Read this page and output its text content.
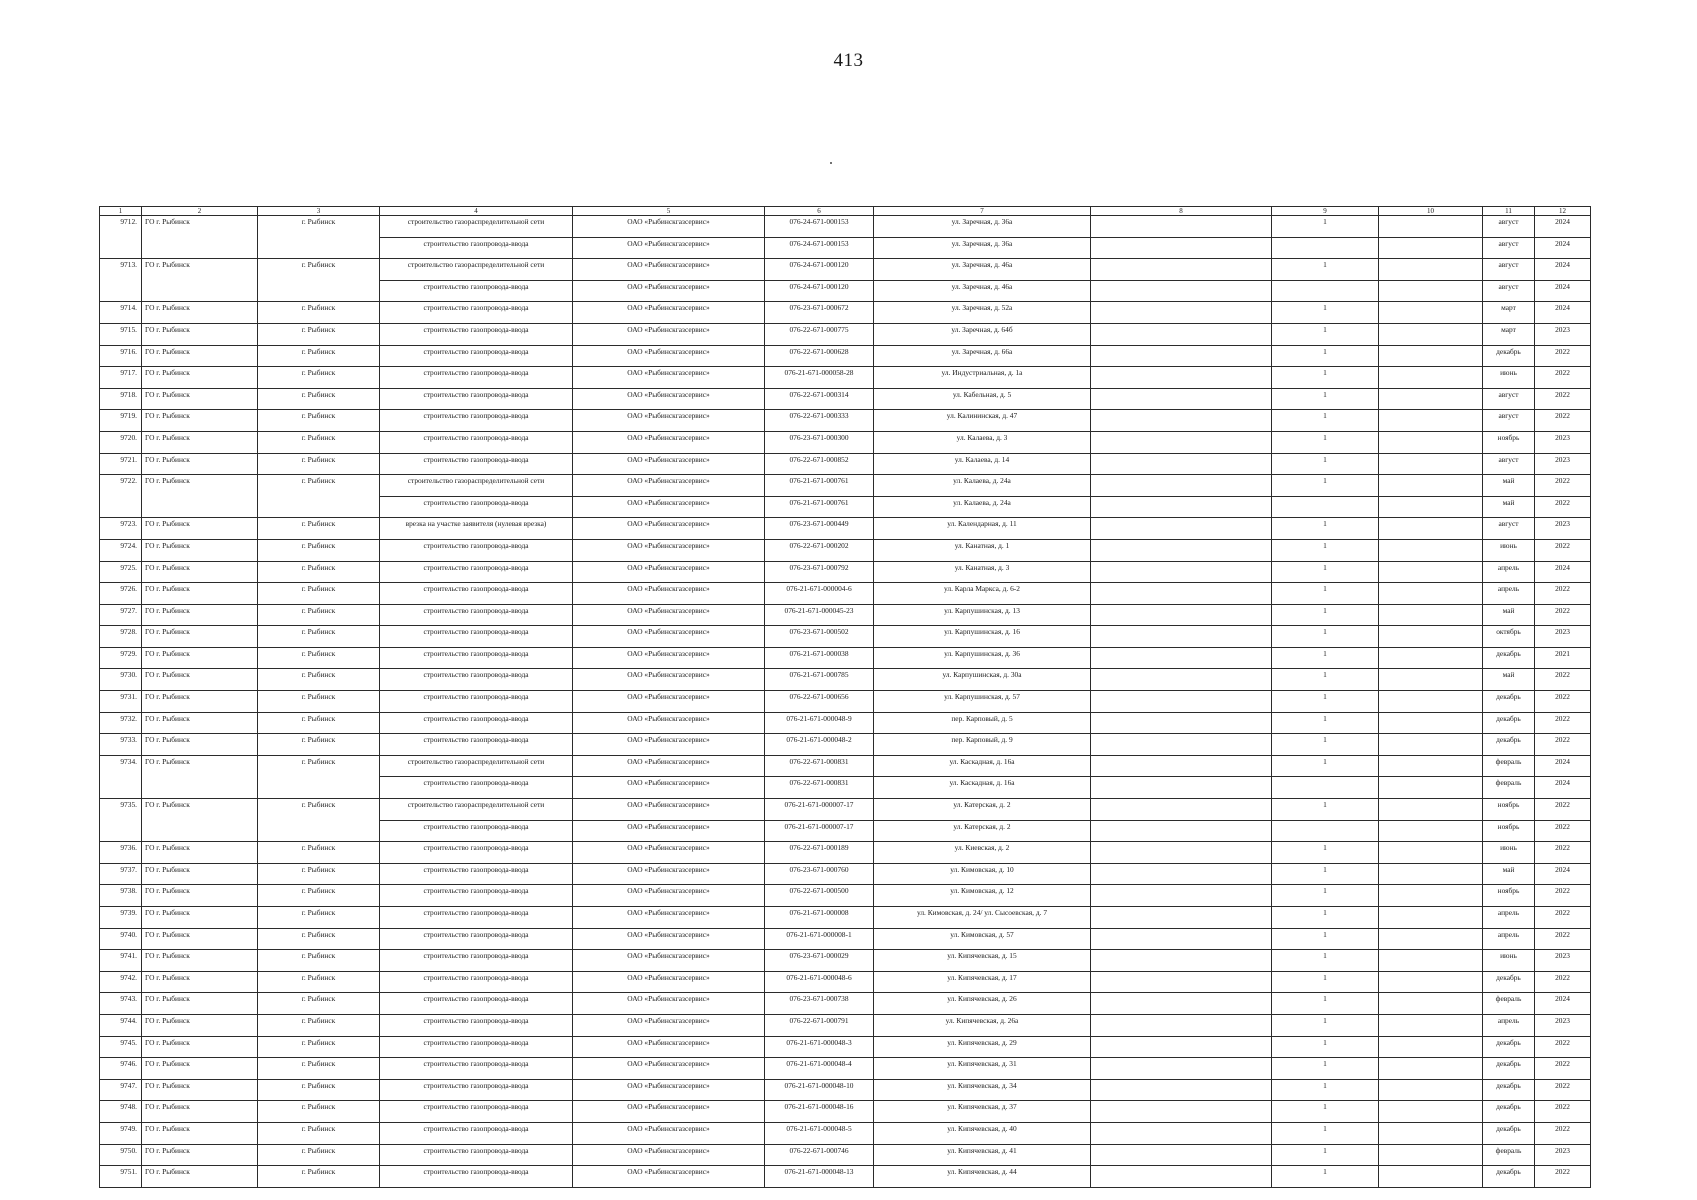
413
1	2	3	4	5	6	7	8	9	10	11	12
9712.	ГО г. Рыбинск	г. Рыбинск	строительство газораспределительной сети	ОАО «Рыбинскгазсервис»	076-24-671-000153	ул. Заречная, д. 36а		1		август	2024
			строительство газопровода-ввода	ОАО «Рыбинскгазсервис»	076-24-671-000153	ул. Заречная, д. 36а				август	2024
9713.	ГО г. Рыбинск	г. Рыбинск	строительство газораспределительной сети	ОАО «Рыбинскгазсервис»	076-24-671-000120	ул. Заречная, д. 46а		1		август	2024
			строительство газопровода-ввода	ОАО «Рыбинскгазсервис»	076-24-671-000120	ул. Заречная, д. 46а				август	2024
9714.	ГО г. Рыбинск	г. Рыбинск	строительство газопровода-ввода	ОАО «Рыбинскгазсервис»	076-23-671-000672	ул. Заречная, д. 52а		1		март	2024
9715.	ГО г. Рыбинск	г. Рыбинск	строительство газопровода-ввода	ОАО «Рыбинскгазсервис»	076-22-671-000775	ул. Заречная, д. 64б		1		март	2023
9716.	ГО г. Рыбинск	г. Рыбинск	строительство газопровода-ввода	ОАО «Рыбинскгазсервис»	076-22-671-000628	ул. Заречная, д. 66а		1		декабрь	2022
9717.	ГО г. Рыбинск	г. Рыбинск	строительство газопровода-ввода	ОАО «Рыбинскгазсервис»	076-21-671-000058-28	ул. Индустриальная, д. 1а		1		июнь	2022
9718.	ГО г. Рыбинск	г. Рыбинск	строительство газопровода-ввода	ОАО «Рыбинскгазсервис»	076-22-671-000314	ул. Кабельная, д. 5		1		август	2022
9719.	ГО г. Рыбинск	г. Рыбинск	строительство газопровода-ввода	ОАО «Рыбинскгазсервис»	076-22-671-000333	ул. Калининская, д. 47		1		август	2022
9720.	ГО г. Рыбинск	г. Рыбинск	строительство газопровода-ввода	ОАО «Рыбинскгазсервис»	076-23-671-000300	ул. Калаева, д. 3		1		ноябрь	2023
9721.	ГО г. Рыбинск	г. Рыбинск	строительство газопровода-ввода	ОАО «Рыбинскгазсервис»	076-22-671-000852	ул. Калаева, д. 14		1		август	2023
9722.	ГО г. Рыбинск	г. Рыбинск	строительство газораспределительной сети	ОАО «Рыбинскгазсервис»	076-21-671-000761	ул. Калаева, д. 24а		1		май	2022
			строительство газопровода-ввода	ОАО «Рыбинскгазсервис»	076-21-671-000761	ул. Калаева, д. 24а				май	2022
9723.	ГО г. Рыбинск	г. Рыбинск	врезка на участке заявителя (нулевая врезка)	ОАО «Рыбинскгазсервис»	076-23-671-000449	ул. Календарная, д. 11		1		август	2023
9724.	ГО г. Рыбинск	г. Рыбинск	строительство газопровода-ввода	ОАО «Рыбинскгазсервис»	076-22-671-000202	ул. Канатная, д. 1		1		июнь	2022
9725.	ГО г. Рыбинск	г. Рыбинск	строительство газопровода-ввода	ОАО «Рыбинскгазсервис»	076-23-671-000792	ул. Канатная, д. 3		1		апрель	2024
9726.	ГО г. Рыбинск	г. Рыбинск	строительство газопровода-ввода	ОАО «Рыбинскгазсервис»	076-21-671-000004-6	ул. Карла Маркса, д. 6-2		1		апрель	2022
9727.	ГО г. Рыбинск	г. Рыбинск	строительство газопровода-ввода	ОАО «Рыбинскгазсервис»	076-21-671-000045-23	ул. Карпушинская, д. 13		1		май	2022
9728.	ГО г. Рыбинск	г. Рыбинск	строительство газопровода-ввода	ОАО «Рыбинскгазсервис»	076-23-671-000502	ул. Карпушинская, д. 16		1		октябрь	2023
9729.	ГО г. Рыбинск	г. Рыбинск	строительство газопровода-ввода	ОАО «Рыбинскгазсервис»	076-21-671-000038	ул. Карпушинская, д. 36		1		декабрь	2021
9730.	ГО г. Рыбинск	г. Рыбинск	строительство газопровода-ввода	ОАО «Рыбинскгазсервис»	076-21-671-000785	ул. Карпушинская, д. 30а		1		май	2022
9731.	ГО г. Рыбинск	г. Рыбинск	строительство газопровода-ввода	ОАО «Рыбинскгазсервис»	076-22-671-000656	ул. Карпушинская, д. 57		1		декабрь	2022
9732.	ГО г. Рыбинск	г. Рыбинск	строительство газопровода-ввода	ОАО «Рыбинскгазсервис»	076-21-671-000048-9	пер. Карповый, д. 5		1		декабрь	2022
9733.	ГО г. Рыбинск	г. Рыбинск	строительство газопровода-ввода	ОАО «Рыбинскгазсервис»	076-21-671-000048-2	пер. Карповый, д. 9		1		декабрь	2022
9734.	ГО г. Рыбинск	г. Рыбинск	строительство газораспределительной сети	ОАО «Рыбинскгазсервис»	076-22-671-000831	ул. Каскадная, д. 16а		1		февраль	2024
			строительство газопровода-ввода	ОАО «Рыбинскгазсервис»	076-22-671-000831	ул. Каскадная, д. 16а				февраль	2024
9735.	ГО г. Рыбинск	г. Рыбинск	строительство газораспределительной сети	ОАО «Рыбинскгазсервис»	076-21-671-000007-17	ул. Катерская, д. 2		1		ноябрь	2022
			строительство газопровода-ввода	ОАО «Рыбинскгазсервис»	076-21-671-000007-17	ул. Катерская, д. 2				ноябрь	2022
9736.	ГО г. Рыбинск	г. Рыбинск	строительство газопровода-ввода	ОАО «Рыбинскгазсервис»	076-22-671-000189	ул. Киевская, д. 2		1		июнь	2022
9737.	ГО г. Рыбинск	г. Рыбинск	строительство газопровода-ввода	ОАО «Рыбинскгазсервис»	076-23-671-000760	ул. Кимовская, д. 10		1		май	2024
9738.	ГО г. Рыбинск	г. Рыбинск	строительство газопровода-ввода	ОАО «Рыбинскгазсервис»	076-22-671-000500	ул. Кимовская, д. 12		1		ноябрь	2022
9739.	ГО г. Рыбинск	г. Рыбинск	строительство газопровода-ввода	ОАО «Рыбинскгазсервис»	076-21-671-000008	ул. Кимовская, д. 24/ ул. Сысоевская, д. 7		1		апрель	2022
9740.	ГО г. Рыбинск	г. Рыбинск	строительство газопровода-ввода	ОАО «Рыбинскгазсервис»	076-21-671-000008-1	ул. Кимовская, д. 57		1		апрель	2022
9741.	ГО г. Рыбинск	г. Рыбинск	строительство газопровода-ввода	ОАО «Рыбинскгазсервис»	076-23-671-000029	ул. Кипячевская, д. 15		1		июнь	2023
9742.	ГО г. Рыбинск	г. Рыбинск	строительство газопровода-ввода	ОАО «Рыбинскгазсервис»	076-21-671-000048-6	ул. Кипячевская, д. 17		1		декабрь	2022
9743.	ГО г. Рыбинск	г. Рыбинск	строительство газопровода-ввода	ОАО «Рыбинскгазсервис»	076-23-671-000738	ул. Кипячевская, д. 26		1		февраль	2024
9744.	ГО г. Рыбинск	г. Рыбинск	строительство газопровода-ввода	ОАО «Рыбинскгазсервис»	076-22-671-000791	ул. Кипячевская, д. 26а		1		апрель	2023
9745.	ГО г. Рыбинск	г. Рыбинск	строительство газопровода-ввода	ОАО «Рыбинскгазсервис»	076-21-671-000048-3	ул. Кипячевская, д. 29		1		декабрь	2022
9746.	ГО г. Рыбинск	г. Рыбинск	строительство газопровода-ввода	ОАО «Рыбинскгазсервис»	076-21-671-000048-4	ул. Кипячевская, д. 31		1		декабрь	2022
9747.	ГО г. Рыбинск	г. Рыбинск	строительство газопровода-ввода	ОАО «Рыбинскгазсервис»	076-21-671-000048-10	ул. Кипячевская, д. 34		1		декабрь	2022
9748.	ГО г. Рыбинск	г. Рыбинск	строительство газопровода-ввода	ОАО «Рыбинскгазсервис»	076-21-671-000048-16	ул. Кипячевская, д. 37		1		декабрь	2022
9749.	ГО г. Рыбинск	г. Рыбинск	строительство газопровода-ввода	ОАО «Рыбинскгазсервис»	076-21-671-000048-5	ул. Кипячевская, д. 40		1		декабрь	2022
9750.	ГО г. Рыбинск	г. Рыбинск	строительство газопровода-ввода	ОАО «Рыбинскгазсервис»	076-22-671-000746	ул. Кипячевская, д. 41		1		февраль	2023
9751.	ГО г. Рыбинск	г. Рыбинск	строительство газопровода-ввода	ОАО «Рыбинскгазсервис»	076-21-671-000048-13	ул. Кипячевская, д. 44		1		декабрь	2022
